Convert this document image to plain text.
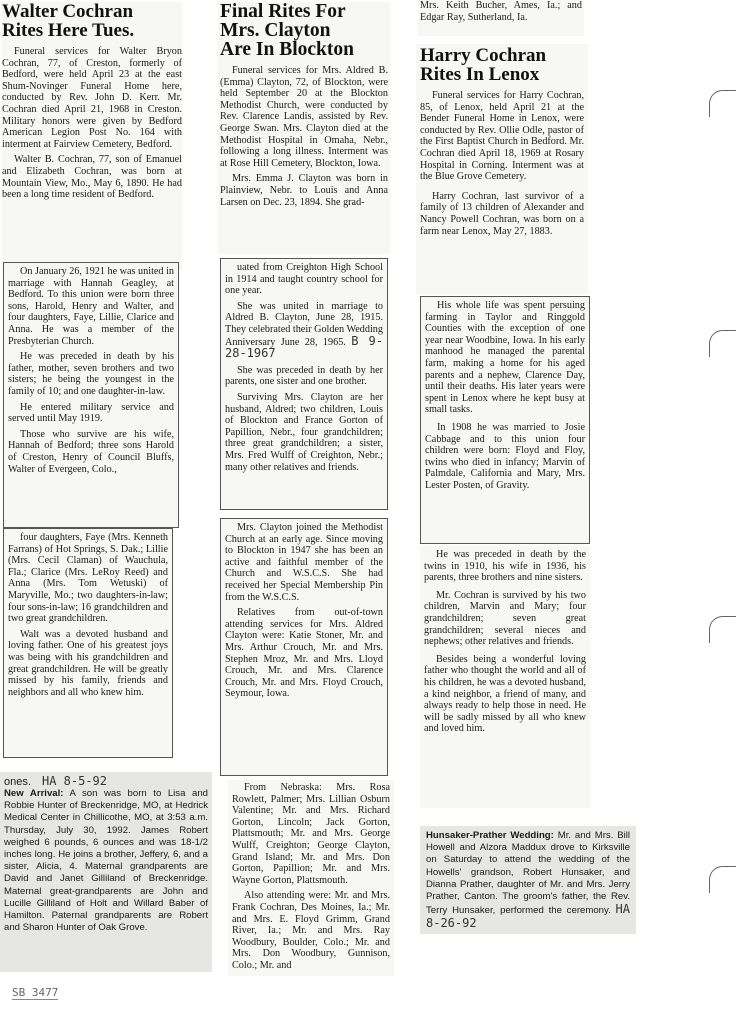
Walter Cochran
Rites Here Tues.

Funeral services for Walter Bryon Cochran, 77, of Creston, formerly of Bedford, were held April 23 at the east Shum-Novinger Funeral Home here, conducted by Rev. John D. Kerr. Mr. Cochran died April 21, 1968 in Creston. Military honors were given by Bedford American Legion Post No. 164 with interment at Fairview Cemetery, Bedford.

Walter B. Cochran, 77, son of Emanuel and Elizabeth Cochran, was born at Mountain View, Mo., May 6, 1890. He had been a long time resident of Bedford.

On January 26, 1921 he was united in marriage with Hannah Geagley, at Bedford. To this union were born three sons, Harold, Henry and Walter, and four daughters, Faye, Lillie, Clarice and Anna. He was a member of the Presbyterian Church.

He was preceded in death by his father, mother, seven brothers and two sisters; he being the youngest in the family of 10; and one daughter-in-law.

He entered military service and served until May 1919.

Those who survive are his wife, Hannah of Bedford; three sons Harold of Creston, Henry of Council Bluffs, Walter of Evergeen, Colo.,

four daughters, Faye (Mrs. Kenneth Farrans) of Hot Springs, S. Dak.; Lillie (Mrs. Cecil Claman) of Wauchula, Fla.; Clarice (Mrs. LeRoy Reed) and Anna (Mrs. Tom Wetuski) of Maryville, Mo.; two daughters-in-law; four sons-in-law; 16 grandchildren and two great grandchildren.

Walt was a devoted husband and loving father. One of his greatest joys was being with his grandchildren and great grandchildren. He will be greatly missed by his family, friends and neighbors and all who knew him.

ones. HA 8-5-92

New Arrival: A son was born to Lisa and Robbie Hunter of Breckenridge, MO, at Hedrick Medical Center in Chillicothe, MO, at 3:53 a.m. Thursday, July 30, 1992. James Robert weighed 6 pounds, 6 ounces and was 18-1/2 inches long. He joins a brother, Jeffery, 6, and a sister, Alicia, 4. Maternal grandparents are David and Janet Gilliland of Breckenridge. Maternal great-grandparents are John and Lucille Gilliland of Holt and Willard Baber of Hamilton. Paternal grandparents are Robert and Sharon Hunter of Oak Grove.

SB 3477
Final Rites For
Mrs. Clayton
Are In Blockton

Funeral services for Mrs. Aldred B. (Emma) Clayton, 72, of Blockton, were held September 20 at the Blockton Methodist Church, were conducted by Rev. Clarence Landis, assisted by Rev. George Swan. Mrs. Clayton died at the Methodist Hospital in Omaha, Nebr., following a long illness. Interment was at Rose Hill Cemetery, Blockton, Iowa.

Mrs. Emma J. Clayton was born in Plainview, Nebr. to Louis and Anna Larsen on Dec. 23, 1894. She grad-

uated from Creighton High School in 1914 and taught country school for one year.

She was united in marriage to Aldred B. Clayton, June 28, 1915. They celebrated their Golden Wedding Anniversary June 28, 1965. B 9-28-1967

She was preceded in death by her parents, one sister and one brother.

Surviving Mrs. Clayton are her husband, Aldred; two children, Louis of Blockton and France Gorton of Papillion, Nebr., four grandchildren; three great grandchildren; a sister, Mrs. Fred Wulff of Creighton, Nebr.; many other relatives and friends.

Mrs. Clayton joined the Methodist Church at an early age. Since moving to Blockton in 1947 she has been an active and faithful member of the Church and W.S.C.S. She had received her Special Membership Pin from the W.S.C.S.

Relatives from out-of-town attending services for Mrs. Aldred Clayton were: Katie Stoner, Mr. and Mrs. Arthur Crouch, Mr. and Mrs. Stephen Mroz, Mr. and Mrs. Lloyd Crouch, Mr. and Mrs. Clarence Crouch, Mr. and Mrs. Floyd Crouch, Seymour, Iowa.

From Nebraska: Mrs. Rosa Rowlett, Palmer; Mrs. Lillian Osburn Valentine; Mr. and Mrs. Richard Gorton, Lincoln; Jack Gorton, Plattsmouth; Mr. and Mrs. George Wulff, Creighton; George Clayton, Grand Island; Mr. and Mrs. Don Gorton, Papillion; Mr. and Mrs. Wayne Gorton, Plattsmouth.

Also attending were: Mr. and Mrs. Frank Cochran, Des Moines, Ia.; Mr. and Mrs. E. Floyd Grimm, Grand River, Ia.; Mr. and Mrs. Ray Woodbury, Boulder, Colo.; Mr. and Mrs. Don Woodbury, Gunnison, Colo.; Mr. and

Mrs. Keith Bucher, Ames, Ia.; and Edgar Ray, Sutherland, Ia.

Harry Cochran
Rites In Lenox

Funeral services for Harry Cochran, 85, of Lenox, held April 21 at the Bender Funeral Home in Lenox, were conducted by Rev. Ollie Odle, pastor of the First Baptist Church in Bedford. Mr. Cochran died April 18, 1969 at Rosary Hospital in Corning. Interment was at the Blue Grove Cemetery.

Harry Cochran, last survivor of a family of 13 children of Alexander and Nancy Powell Cochran, was born on a farm near Lenox, May 27, 1883.

His whole life was spent persuing farming in Taylor and Ringgold Counties with the exception of one year near Woodbine, Iowa. In his early manhood he managed the parental farm, making a home for his aged parents and a nephew, Clarence Day, until their deaths. His later years were spent in Lenox where he kept busy at small tasks.

In 1908 he was married to Josie Cabbage and to this union four children were born: Floyd and Floy, twins who died in infancy; Marvin of Palmdale, California and Mary, Mrs. Lester Posten, of Gravity.

He was preceded in death by the twins in 1910, his wife in 1936, his parents, three brothers and nine sisters.

Mr. Cochran is survived by his two children, Marvin and Mary; four grandchildren; seven great grandchildren; several nieces and nephews; other relatives and friends.

Besides being a wonderful loving father who thought the world and all of his children, he was a devoted husband, a kind neighbor, a friend of many, and always ready to help those in need. He will be sadly missed by all who knew and loved him.

Hunsaker-Prather Wedding: Mr. and Mrs. Bill Howell and Alzora Maddux drove to Kirksville on Saturday to attend the wedding of the Howells' grandson, Robert Hunsaker, and Dianna Prather, daughter of Mr. and Mrs. Jerry Prather, Canton. The groom's father, the Rev. Terry Hunsaker, performed the ceremony. HA 8-26-92
